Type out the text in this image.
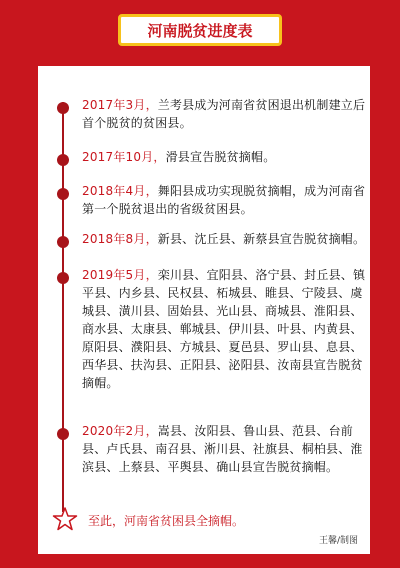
河南脱贫进度表
2017年3月，兰考县成为河南省贫困退出机制建立后首个脱贫的贫困县。
2017年10月，滑县宣告脱贫摘帽。
2018年4月，舞阳县成功实现脱贫摘帽，成为河南省第一个脱贫退出的省级贫困县。
2018年8月，新县、沈丘县、新蔡县宣告脱贫摘帽。
2019年5月，栾川县、宜阳县、洛宁县、封丘县、镇平县、内乡县、民权县、柘城县、睢县、宁陵县、虞城县、潢川县、固始县、光山县、商城县、淮阳县、商水县、太康县、郸城县、伊川县、叶县、内黄县、原阳县、濮阳县、方城县、夏邑县、罗山县、息县、西华县、扶沟县、正阳县、泌阳县、汝南县宣告脱贫摘帽。
2020年2月，嵩县、汝阳县、鲁山县、范县、台前县、卢氏县、南召县、淅川县、社旗县、桐柏县、淮滨县、上蔡县、平舆县、确山县宣告脱贫摘帽。
至此，河南省贫困县全摘帽。
王馨/制图
